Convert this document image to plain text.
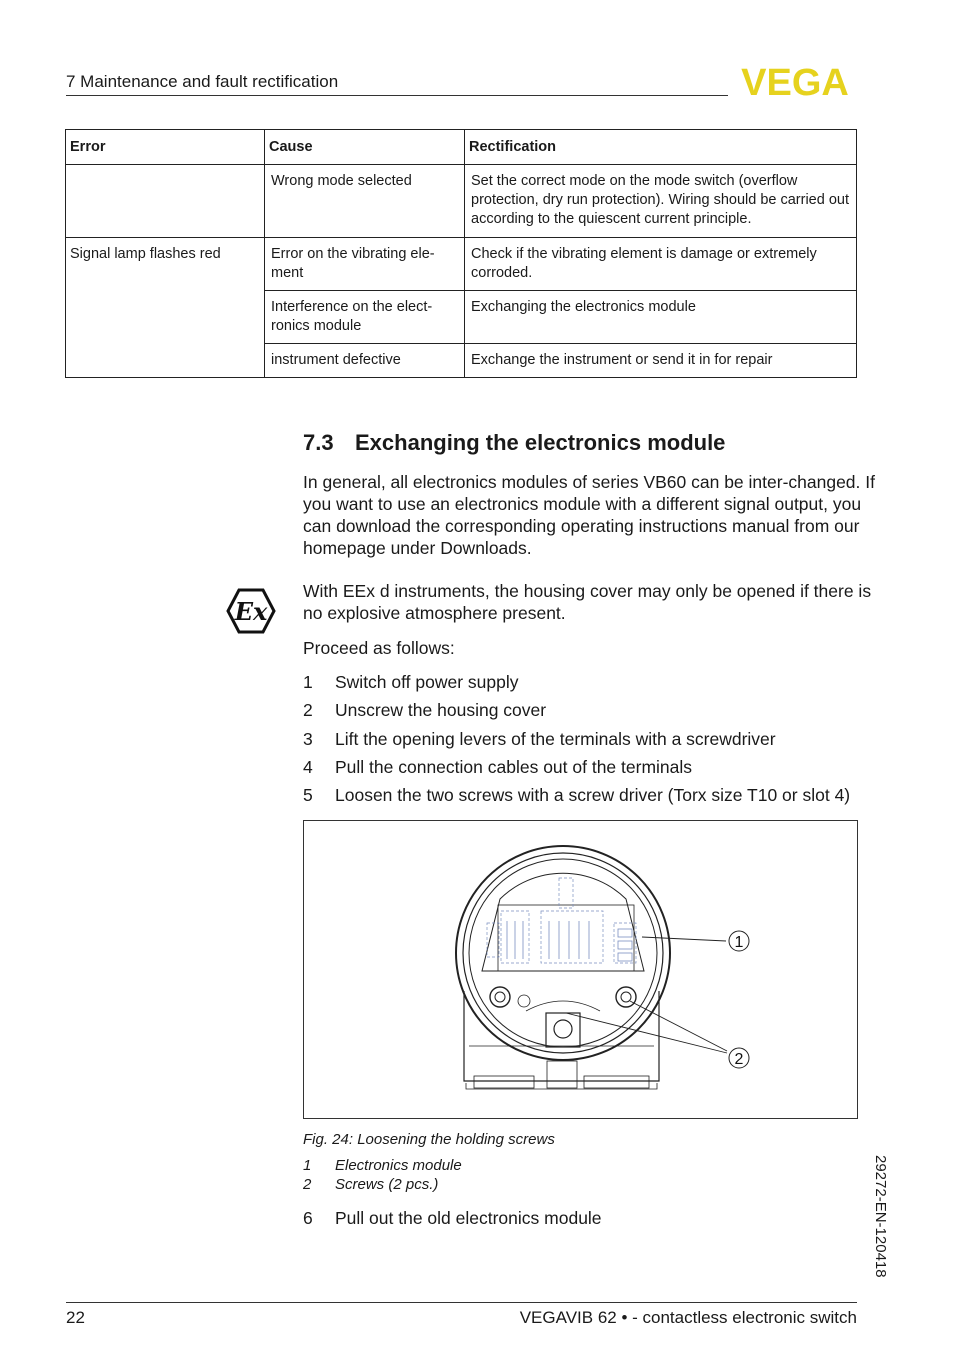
7 Maintenance and fault rectification	VEGA
Error	Cause	Rectification
	Wrong mode selected	Set the correct mode on the mode switch (overflow protection, dry run protection). Wiring should be carried out according to the quiescent current principle.
Signal lamp flashes red	Error on the vibrating ele-ment	Check if the vibrating element is damage or extremely corroded.
	Interference on the elect-ronics module	Exchanging the electronics module
	instrument defective	Exchange the instrument or send it in for repair
7.3 Exchanging the electronics module
In general, all electronics modules of series VB60 can be inter-changed. If you want to use an electronics module with a different signal output, you can download the corresponding operating instructions manual from our homepage under Downloads.
Ex
With EEx d instruments, the housing cover may only be opened if there is no explosive atmosphere present.
Proceed as follows:
1 Switch off power supply
2 Unscrew the housing cover
3 Lift the opening levers of the terminals with a screwdriver
4 Pull the connection cables out of the terminals
5 Loosen the two screws with a screw driver (Torx size T10 or slot 4)
1
2
Fig. 24: Loosening the holding screws
1 Electronics module
2 Screws (2 pcs.)
6 Pull out the old electronics module	29272-EN-120418
22	VEGAVIB 62 • - contactless electronic switch
